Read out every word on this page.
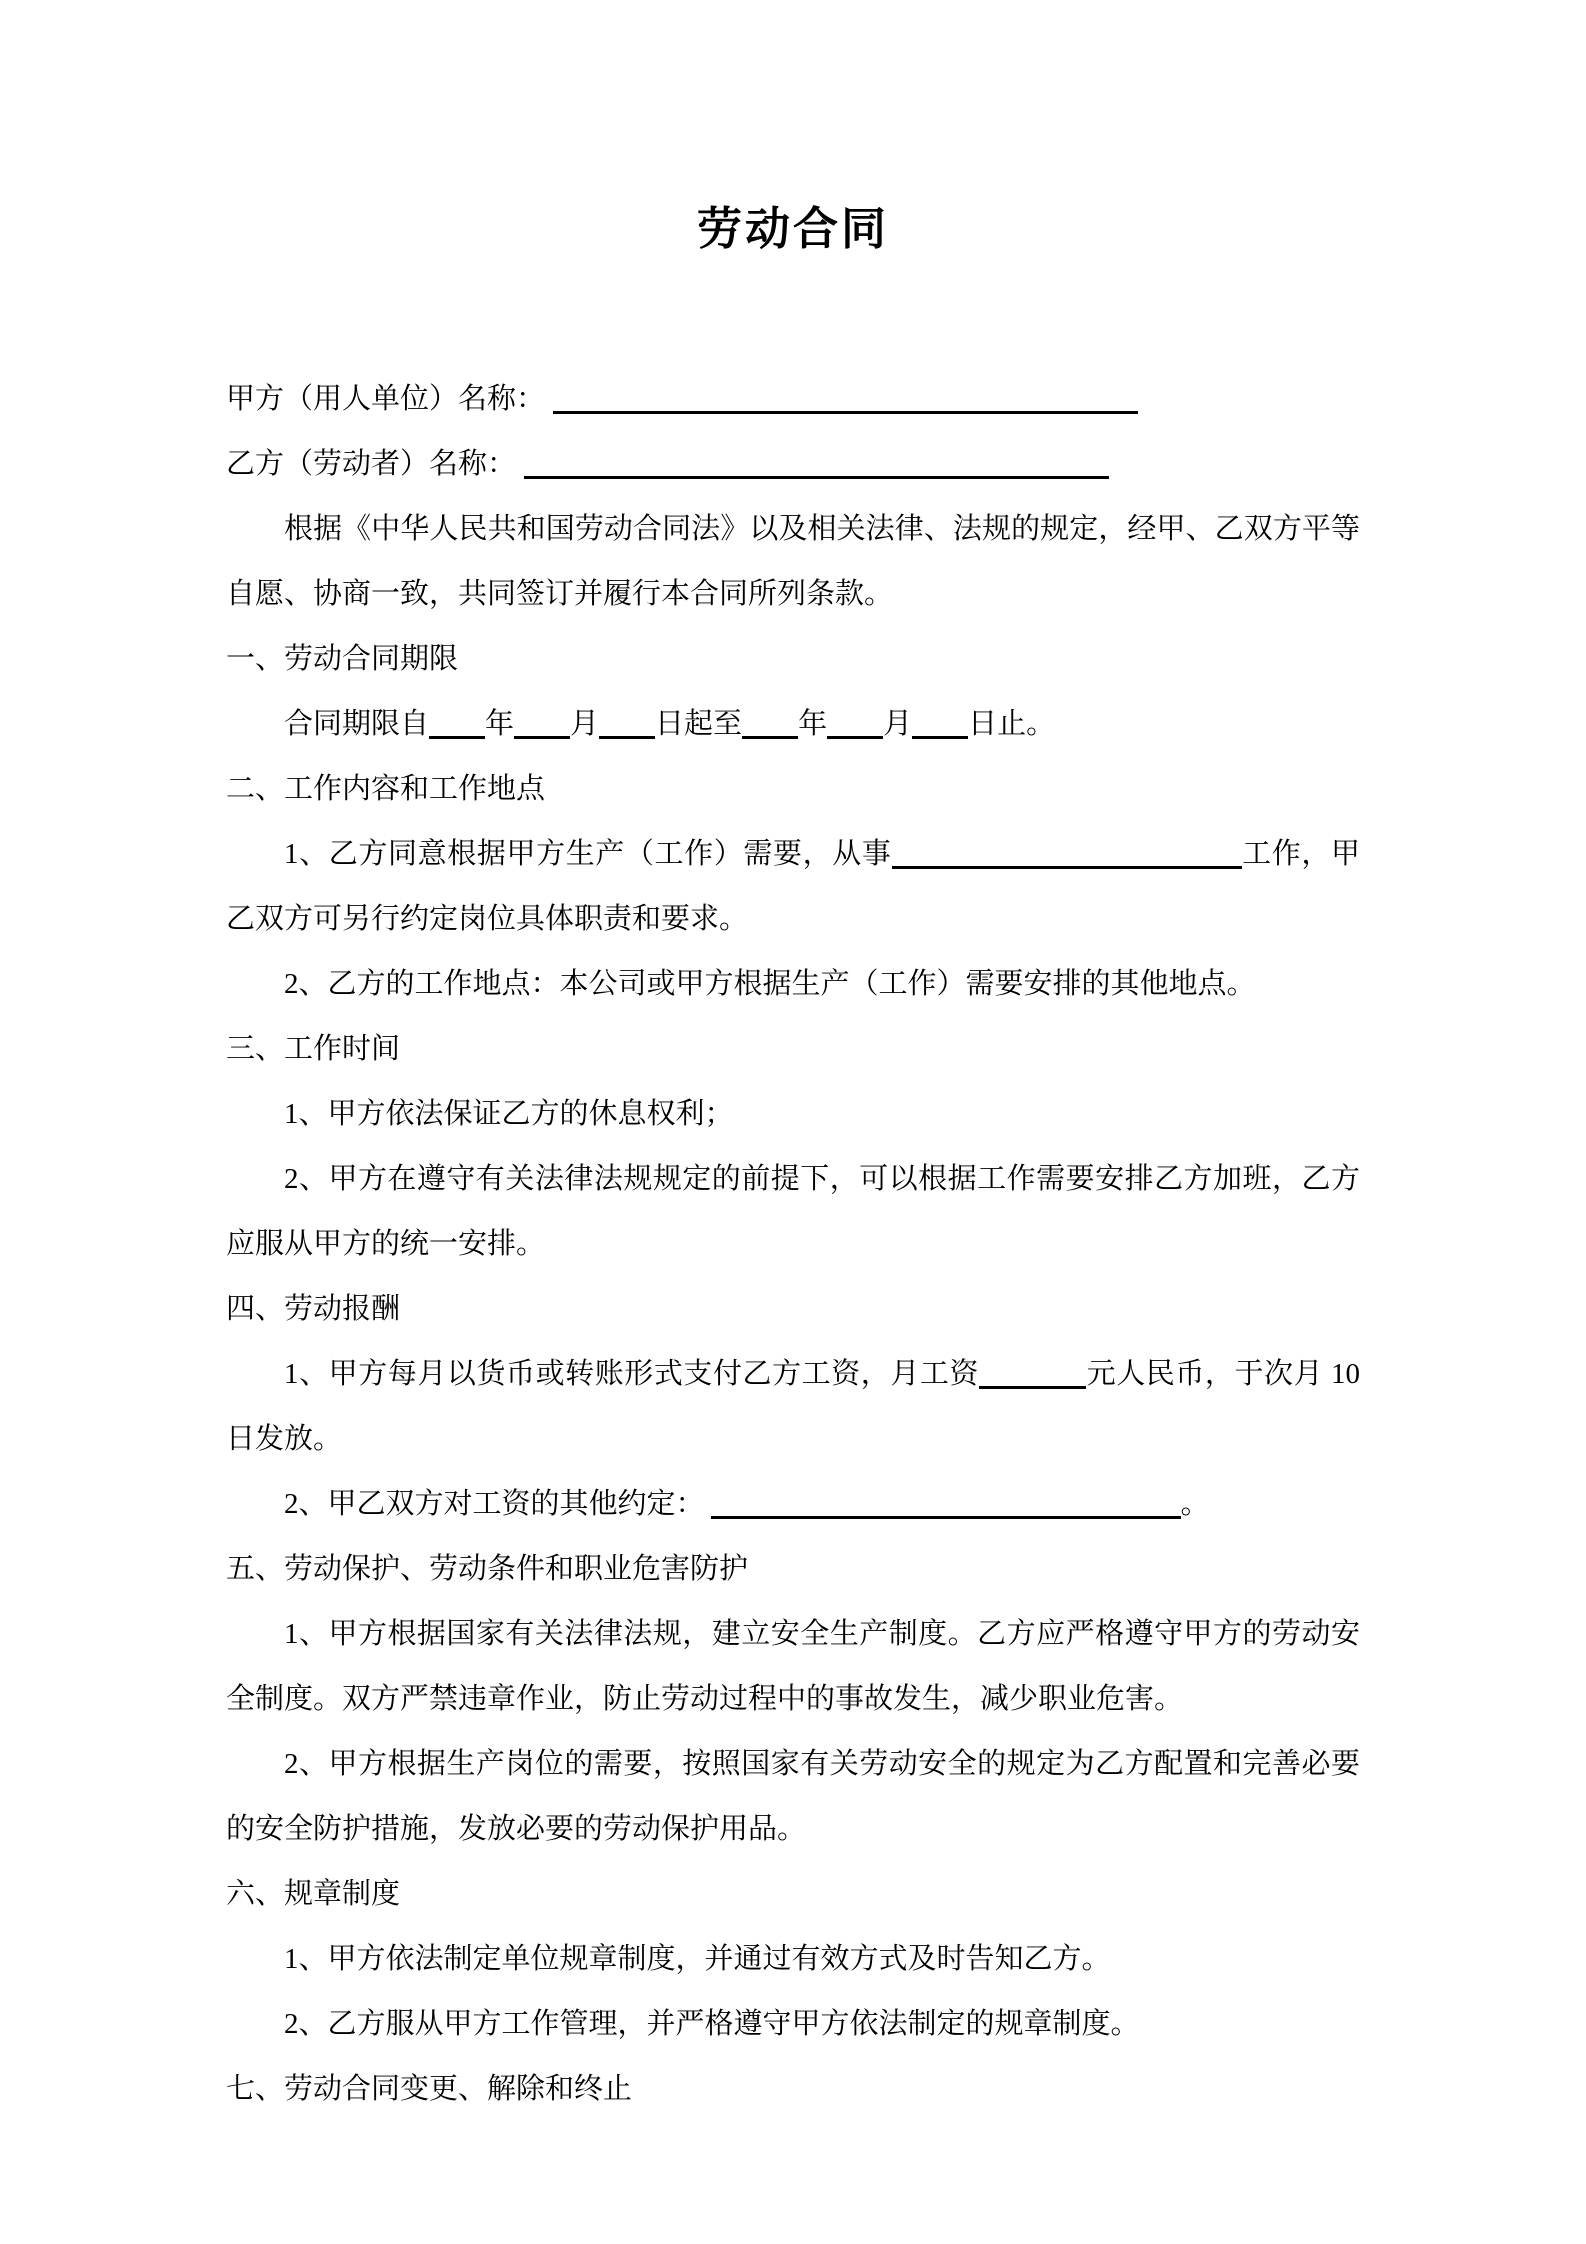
劳动合同

甲方（用人单位）名称：

乙方（劳动者）名称：

根据《中华人民共和国劳动合同法》以及相关法律、法规的规定，经甲、乙双方平等自愿、协商一致，共同签订并履行本合同所列条款。

一、劳动合同期限

合同期限自 年 月 日起至 年 月 日止。

二、工作内容和工作地点

1、乙方同意根据甲方生产（工作）需要，从事	工作，甲乙双方可另行约定岗位具体职责和要求。

2、乙方的工作地点：本公司或甲方根据生产（工作）需要安排的其他地点。

三、工作时间

1、甲方依法保证乙方的休息权利；

2、甲方在遵守有关法律法规规定的前提下，可以根据工作需要安排乙方加班，乙方应服从甲方的统一安排。

四、劳动报酬

1、甲方每月以货币或转账形式支付乙方工资，月工资	元人民币，于次月 10 日发放。

2、甲乙双方对工资的其他约定：	。

五、劳动保护、劳动条件和职业危害防护

1、甲方根据国家有关法律法规，建立安全生产制度。乙方应严格遵守甲方的劳动安全制度。双方严禁违章作业，防止劳动过程中的事故发生，减少职业危害。

2、甲方根据生产岗位的需要，按照国家有关劳动安全的规定为乙方配置和完善必要的安全防护措施，发放必要的劳动保护用品。

六、规章制度

1、甲方依法制定单位规章制度，并通过有效方式及时告知乙方。

2、乙方服从甲方工作管理，并严格遵守甲方依法制定的规章制度。

七、劳动合同变更、解除和终止
